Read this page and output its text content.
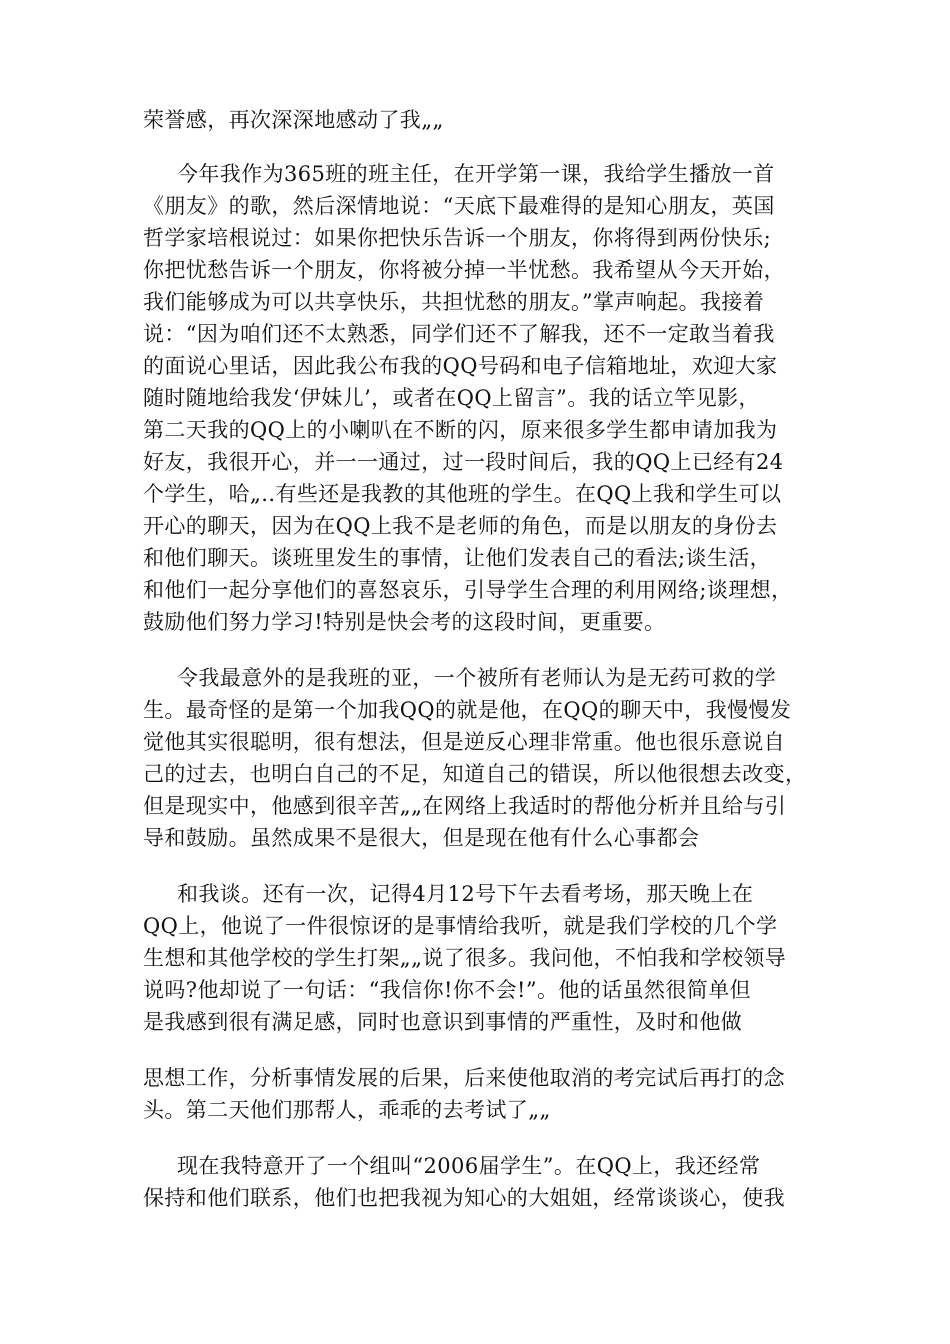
荣誉感，再次深深地感动了我„„
今年我作为365班的班主任，在开学第一课，我给学生播放一首
《朋友》的歌，然后深情地说：“天底下最难得的是知心朋友，英国
哲学家培根说过：如果你把快乐告诉一个朋友，你将得到两份快乐;
你把忧愁告诉一个朋友，你将被分掉一半忧愁。我希望从今天开始，
我们能够成为可以共享快乐，共担忧愁的朋友。”掌声响起。我接着
说：“因为咱们还不太熟悉，同学们还不了解我，还不一定敢当着我
的面说心里话，因此我公布我的QQ号码和电子信箱地址，欢迎大家
随时随地给我发‘伊妹儿’，或者在QQ上留言”。我的话立竿见影，
第二天我的QQ上的小喇叭在不断的闪，原来很多学生都申请加我为
好友，我很开心，并一一通过，过一段时间后，我的QQ上已经有24
个学生，哈„..有些还是我教的其他班的学生。在QQ上我和学生可以
开心的聊天，因为在QQ上我不是老师的角色，而是以朋友的身份去
和他们聊天。谈班里发生的事情，让他们发表自己的看法;谈生活，
和他们一起分享他们的喜怒哀乐，引导学生合理的利用网络;谈理想，
鼓励他们努力学习!特别是快会考的这段时间，更重要。
令我最意外的是我班的亚，一个被所有老师认为是无药可救的学
生。最奇怪的是第一个加我QQ的就是他，在QQ的聊天中，我慢慢发
觉他其实很聪明，很有想法，但是逆反心理非常重。他也很乐意说自
己的过去，也明白自己的不足，知道自己的错误，所以他很想去改变，
但是现实中，他感到很辛苦„„在网络上我适时的帮他分析并且给与引
导和鼓励。虽然成果不是很大，但是现在他有什么心事都会
和我谈。还有一次，记得4月12号下午去看考场，那天晚上在
QQ上，他说了一件很惊讶的是事情给我听，就是我们学校的几个学
生想和其他学校的学生打架„„说了很多。我问他，不怕我和学校领导
说吗?他却说了一句话：“我信你!你不会!”。他的话虽然很简单但
是我感到很有满足感，同时也意识到事情的严重性，及时和他做
思想工作，分析事情发展的后果，后来使他取消的考完试后再打的念
头。第二天他们那帮人，乖乖的去考试了„„
现在我特意开了一个组叫“2006届学生”。在QQ上，我还经常
保持和他们联系，他们也把我视为知心的大姐姐，经常谈谈心，使我
